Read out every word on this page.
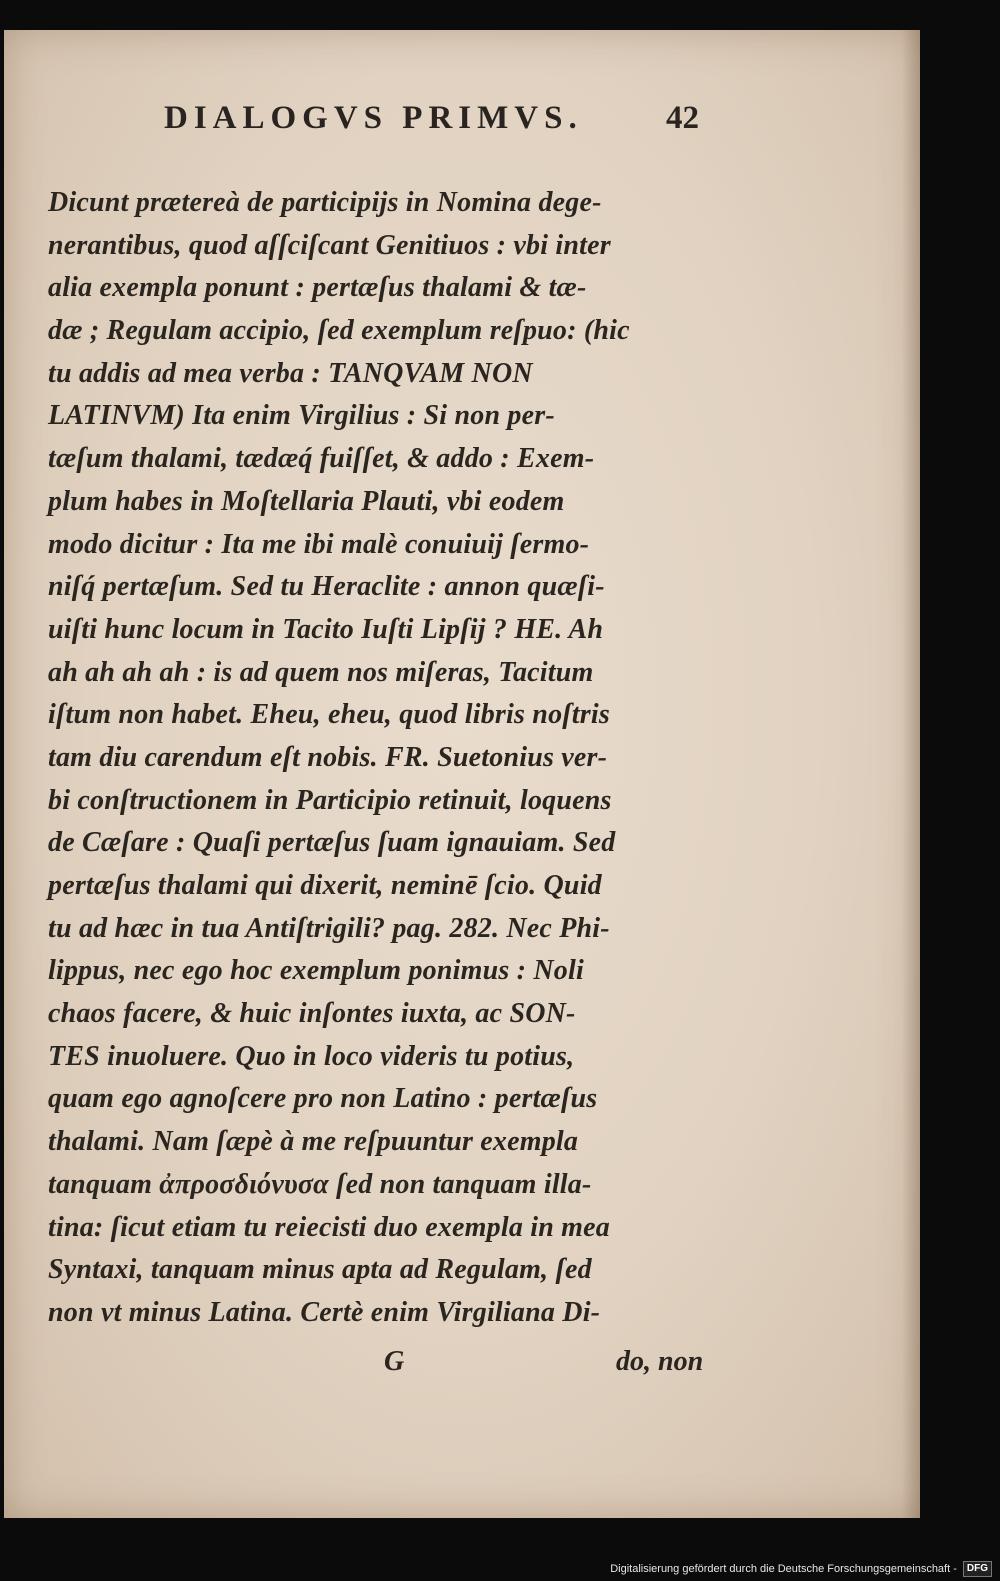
DIALOGVS PRIMVS.	42
Dicunt prætereà de participijs in Nomina dege-
nerantibus, quod aſſciſcant Genitiuos : vbi inter
alia exempla ponunt : pertæſus thalami & tæ-
dæ ; Regulam accipio, ſed exemplum reſpuo: (hic
tu addis ad mea verba : TANQVAM NON
LATINVM) Ita enim Virgilius : Si non per-
tæſum thalami, tædæq́ fuiſſet, & addo : Exem-
plum habes in Moſtellaria Plauti, vbi eodem
modo dicitur : Ita me ibi malè conuiuij ſermo-
niſq́ pertæſum. Sed tu Heraclite : annon quæſi-
uiſti hunc locum in Tacito Iuſti Lipſij ? HE. Ah
ah ah ah ah : is ad quem nos miſeras, Tacitum
iſtum non habet. Eheu, eheu, quod libris noſtris
tam diu carendum eſt nobis. FR. Suetonius ver-
bi conſtructionem in Participio retinuit, loquens
de Cæſare : Quaſi pertæſus ſuam ignauiam. Sed
pertæſus thalami qui dixerit, neminē ſcio. Quid
tu ad hæc in tua Antiſtrigili? pag. 282. Nec Phi-
lippus, nec ego hoc exemplum ponimus : Noli
chaos facere, & huic inſontes iuxta, ac SON-
TES inuoluere. Quo in loco videris tu potius,
quam ego agnoſcere pro non Latino : pertæſus
thalami. Nam ſæpè à me reſpuuntur exempla
tanquam ἀπροσδιόνυσα ſed non tanquam illa-
tina: ſicut etiam tu reiecisti duo exempla in mea
Syntaxi, tanquam minus apta ad Regulam, ſed
non vt minus Latina. Certè enim Virgiliana Di-
G	do, non
Digitalisierung gefördert durch die Deutsche Forschungsgemeinschaft -	DFG
